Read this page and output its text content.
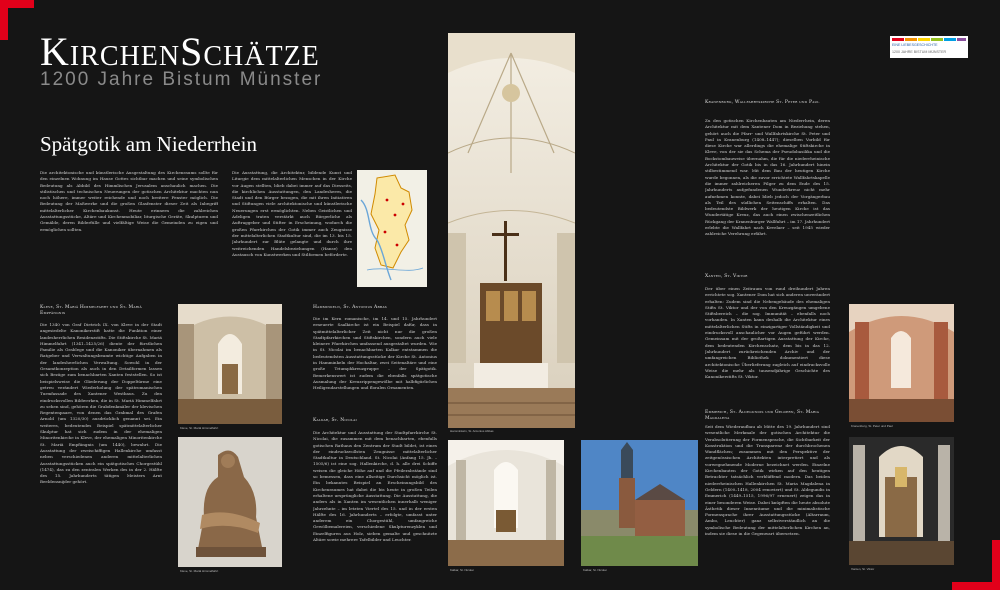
KirchenSchätze
1200 Jahre Bistum Münster
EINE LIEBESGESCHICHTE
1200 JAHRE BISTUM MÜNSTER
Spätgotik am Niederrhein
Die architektonische und künstlerische Ausgestaltung des Kirchenraums sollte für den einzelnen Wohnung im Hause Gottes sichtbar machen und seine symbolischen Bedeutung als Abbild des Himmlischen Jerusalem anschaulich machen. Die stilistischen und technischen Neuerungen der gotischen Architektur machten nun noch höhere, immer weiter reichende und noch breitere Fenster möglich. Die Bedeutung der Maßwerke und die großen Glasfenster dieser Zeit als Inbegriff mittelalterlicher Kirchenbaukunst. Heute erinnern die zahlreichen Ausstattungsstücke, Altäre und Kirchenmobiliar, liturgische Geräte, Skulpturen und Gemälde, deren Bilderfülle und vielfältige Weise die Gemeinden zu eigen und ermöglichen sollten.
Die Ausstattung, die Architektur, bildende Kunst und Liturgie dem mittelalterlichen Menschen in der Kirche vor Augen stellten, blieb dabei immer auf das Diesseits, die kirchlichen Ausstattungen, den Landesherrn, die Stadt und den Bürger bezogen, die mit ihren Initiativen und Stiftungen viele architektonische und künstlerische Neuerungen erst ermöglichten. Neben Geistlichen und Adeligen traten verstärkt auch Bürgerliche als Auftraggeber und Stifter in Erscheinung, wodurch die großen Pfarrkirchen der Gotik immer auch Zeugnisse der mittelalterlichen Stadtkultur sind, die im 13. bis 15. Jahrhundert zur Blüte gelangte und durch ihre weitreichenden Handelsbeziehungen (Hanse) den Austausch von Kunstwerken und Stilformen beförderte.
Hamminkeln, St. Antonius Abbas
Kleve, St. Mariä Himmelfahrt und St. Mariä Empfängnis
Die 1340 von Graf Dietrich IX. von Kleve in der Stadt angesiedelte Kanonikerstift hatte die Funktion einer landesherrlichen Residenzstifts. Die Stiftskirche St. Mariä Himmelfahrt (1341–1425/26) diente der fürstlichen Familie als Grablege und die Kanoniker übernahmen als Ratgeber und Verwaltungsbeamte wichtige Aufgaben in der landesherrlichen Verwaltung. Sowohl in der Gesamtkonzeption als auch in den Detailformen lassen sich Bezüge zum benachbarten Xanten feststellen. So ist beispielsweise die Gliederung der Doppeltürme eine getreu verändert Wiederholung der spätromanischen Turmfassade des Xantener Westbaus. Zu den eindrucksvollen Bildwerken, die in St. Mariä Himmelfahrt zu sehen sind, gehören die Grabdenkmäler der klevischen Regentenpaare, von denen das Grabmal des Grafen Arnold (um 1320/30) ausdrücklich genannt sei. Ein weiteres, bedeutendes Beispiel spätmittelalterlicher Skulptur hat sich zudem in der ehemaligen Minoritenkirche in Kleve, der ehemaligen Minoritenkirche St. Mariä Empfängnis (um 1440), bewahrt. Die Ausstattung der zweischiffigen Hallenkirche umfasst neben verschiedenen anderen mittelalterlichen Ausstattungsstücken auch ein spätgotisches Chorgestühl (1474), das zu den zentralen Werken des in der 2. Hälfte des 15. Jahrhunderts tätigen Meisters Arnt Beeldensnijder gehört.
Kleve, St. Mariä Himmelfahrt
Kleve, St. Mariä Himmelfahrt
Hamminkeln, St. Antonius Abbas
Die im Kern romanische, im 14. und 15. Jahrhundert erneuerte Saalkirche ist ein Beispiel dafür, dass in spätmittelalterlicher Zeit nicht nur die großen Stadtpfarrkirchen und Stiftskirchen, sondern auch viele kleinere Pfarrkirchen umfassend ausgestaltet wurden. Wie in St. Nicolai im benachbarten Kalkar entstammen die bedeutendsten Ausstattungsstücke der Kirche St. Antonius in Hamminkeln der Hochaltar, zwei Seitenaltäre und eine große Triumphkreuzgruppe – der Spätgotik. Bemerkenswert ist zudem die ebenfalls spätgotische Ausmalung der Kreuzrippengewölbe mit halbfigürlichen Heiligendarstellungen und floralen Ornamenten.
Kalkar, St. Nicolai
Die Architektur und Ausstattung der Stadtpfarrkirche St. Nicolai, die zusammen mit dem benachbarten, ebenfalls gotischen Rathaus den Zentrum der Stadt bildet, ist eines der eindrucksvollsten Zeugnisse mittelalterlicher Stadtkultur in Deutschland. St. Nicolai (Anfang 15. Jh. – 1505/6) ist eine sog. Hallenkirche, d. h. alle drei Schiffe weisen die gleiche Höhe auf und die Pfeilerabstände sind so bemessen, dass eine allseitige Durchsicht möglich ist. Ein bekanntes Beispiel an Erscheinungsbild des Kirchenraumes hat dabei die bis heute in großen Teilen erhaltene ursprüngliche Ausstattung. Die Ausstattung, die anders als in Xanten im wesentlichen innerhalb weniger Jahrzehnte – im letzten Viertel des 15. und in der ersten Hälfte des 16. Jahrhunderts – erfolgte, umfasst unter anderem ein Chorgestühl, umfangreiche Gewölbemalereien, verschiedene Skulpturenzyklen und Einzelfiguren aus Holz, sieben gemalte und geschnitzte Altäre sowie mehrere Tafelbilder und Leuchter.
Kalkar, St. Nicolai	Kalkar, St. Nicolai
Kranenburg, Wallfahrtskirche St. Peter und Paul
Zu den gotischen Kirchenbauten am Niederrhein, deren Architektur mit dem Xantener Dom in Beziehung stehen, gehört auch die Pfarr- und Wallfahrtskirche St. Peter und Paul in Kranenburg (1408–1447); dieselben Vorbild für diese Kirche war allerdings die ehemalige Stiftskirche in Kleve, von der sie das Schema der Pseudobasilika und die Bockstombauweise übernahm, die für die niederrheinische Architektur der Gotik bis in das 16. Jahrhundert hinein stilbestimmend war. Mit dem Bau der heutigen Kirche wurde begonnen, als die zuvor errichtete Wallfahrtskapelle die immer zahlreicheren Pilger zu dem Ende des 15. Jahrhunderts aufgefundenen Wunderkreuz nicht mehr aufnehmen konnte, dabei blieb jedoch der Vorgängerbau als Teil des südlichen Seitenschiffs erhalten. Das bedeutendste Bildwerk der heutigen Kirche ist das Wundertätige Kreuz, das auch einen zwischenzeitlichen Rückgang der Kranenburger Wallfahrt – im 17. Jahrhundert erlebte die Wallfahrt nach Kevelaer – seit 1945 wieder zahlreiche Verehrung erfährt.
Xanten, St. Viktor
Der über einen Zeitraum von rund dreihundert Jahren errichtete sog. Xantener Dom hat sich anderen unverändert erhalten: Zudem sind die Nebengebäude des ehemaligen Stifts St. Viktor und der von den Kreuzgängen umgebene Stiftsbereich – die sog. Immunität – ebenfalls noch vorhanden. In Xanten kann deshalb die Architektur eines mittelalterlichen Stifts in einzigartiger Vollständigkeit und eindrucksvoll anschaulicher vor Augen geführt werden. Gemeinsam mit der großartigen Ausstattung der Kirche, dem bedeutenden Kirchenschatz, dem bis in das 12. Jahrhundert zurückreichenden Archiv und der umfangreichen Bibliothek dokumentiert diese architektonische Überlieferung zugleich auf eindrucksvolle Weise die mehr als tausendjährige Geschichte des Kanonikerstifts St. Viktor.
Emmerich, St. Aldegundis und Geldern, St. Maria Magdalena
Seit dem Wiederaufbau ab Mitte des 19. Jahrhundert sind wesentliche Merkmale der gotischen Architektur die Verabsolutierung der Formensprache, die Sichtbarkeit der Konstruktion und die Transparenz der durchbrochenen Wandflächen; zusammen mit den Perspektive der zeitgenössischen Architekten interpretiert und als vorwegnehmende Moderne bezeichnet werden. Einzelne Kirchenbauten der Gotik wirken auf den heutigen Betrachter tatsächlich verblüffend modern. Das beiden niederrheinischen Hallenkirchen St. Maria Magdalena in Geldern (1400–1418, 2004 renoviert) und St. Aldegundis in Emmerich (1449–1515, 1996/97 erneuert) zeigen das in einer besonderen Weise. Dabei knüpften die heute absolute Ästhetik dieser Innenräume und die minimalistische Formensprache ihrer Ausstattungsstücke (Altarraum, Ambo, Leuchter) ganz selbstverständlich an die symbolische Bedeutung der mittelalterlichen Kirchen an, indem sie diese in die Gegenwart übersetzen.
Kranenburg, St. Peter und Paul
Xanten, St. Viktor
